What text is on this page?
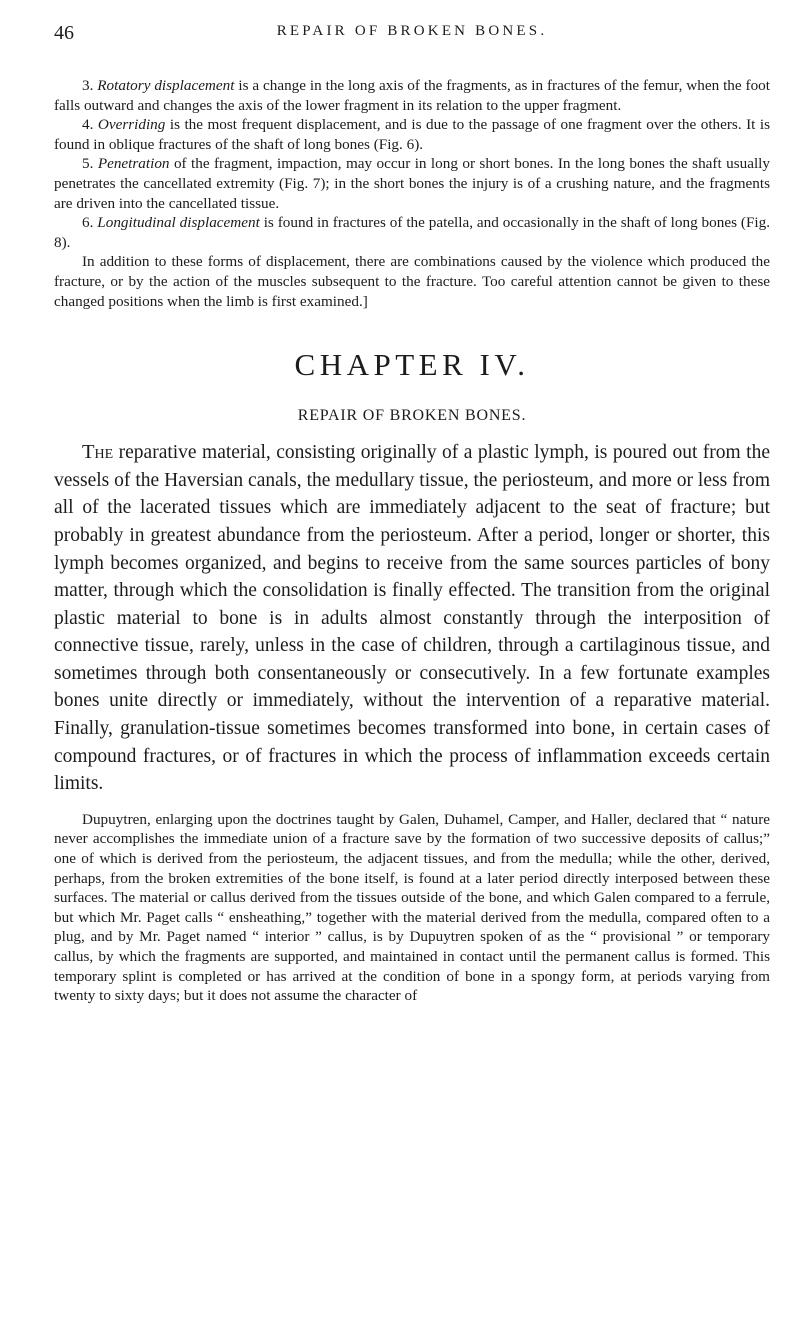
46	REPAIR OF BROKEN BONES.

3. Rotatory displacement is a change in the long axis of the fragments, as in fractures of the femur, when the foot falls outward and changes the axis of the lower fragment in its relation to the upper fragment.

4. Overriding is the most frequent displacement, and is due to the passage of one fragment over the others. It is found in oblique fractures of the shaft of long bones (Fig. 6).

5. Penetration of the fragment, impaction, may occur in long or short bones. In the long bones the shaft usually penetrates the cancellated extremity (Fig. 7); in the short bones the injury is of a crushing nature, and the fragments are driven into the cancellated tissue.

6. Longitudinal displacement is found in fractures of the patella, and occasionally in the shaft of long bones (Fig. 8).

In addition to these forms of displacement, there are combinations caused by the violence which produced the fracture, or by the action of the muscles subsequent to the fracture. Too careful attention cannot be given to these changed positions when the limb is first examined.]

CHAPTER IV.
REPAIR OF BROKEN BONES.

The reparative material, consisting originally of a plastic lymph, is poured out from the vessels of the Haversian canals, the medullary tissue, the periosteum, and more or less from all of the lacerated tissues which are immediately adjacent to the seat of fracture; but probably in greatest abundance from the periosteum. After a period, longer or shorter, this lymph becomes organized, and begins to receive from the same sources particles of bony matter, through which the consolidation is finally effected. The transition from the original plastic material to bone is in adults almost constantly through the interposition of connective tissue, rarely, unless in the case of children, through a cartilaginous tissue, and sometimes through both consentaneously or consecutively. In a few fortunate examples bones unite directly or immediately, without the intervention of a reparative material. Finally, granulation-tissue sometimes becomes transformed into bone, in certain cases of compound fractures, or of fractures in which the process of inflammation exceeds certain limits.

Dupuytren, enlarging upon the doctrines taught by Galen, Duhamel, Camper, and Haller, declared that “ nature never accomplishes the immediate union of a fracture save by the formation of two successive deposits of callus;” one of which is derived from the periosteum, the adjacent tissues, and from the medulla; while the other, derived, perhaps, from the broken extremities of the bone itself, is found at a later period directly interposed between these surfaces. The material or callus derived from the tissues outside of the bone, and which Galen compared to a ferrule, but which Mr. Paget calls “ ensheathing,” together with the material derived from the medulla, compared often to a plug, and by Mr. Paget named “ interior ” callus, is by Dupuytren spoken of as the “ provisional ” or temporary callus, by which the fragments are supported, and maintained in contact until the permanent callus is formed. This temporary splint is completed or has arrived at the condition of bone in a spongy form, at periods varying from twenty to sixty days; but it does not assume the character of
